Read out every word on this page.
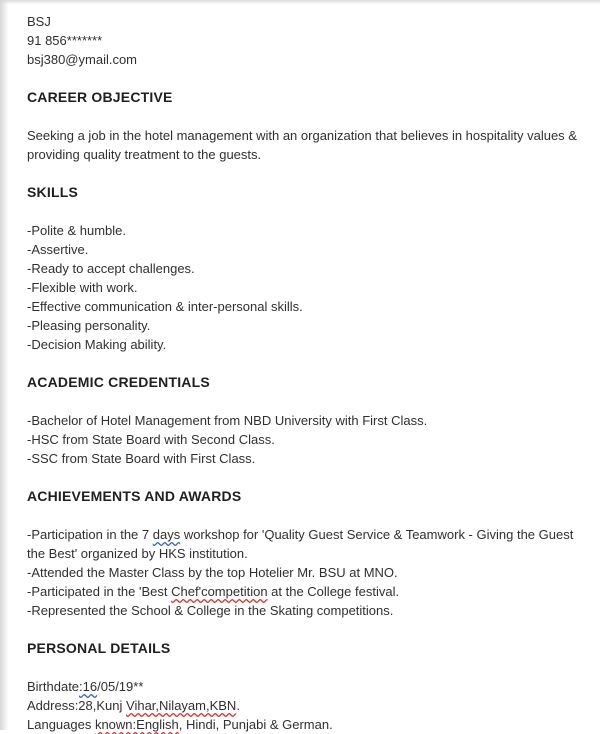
BSJ
91 856*******
bsj380@ymail.com
CAREER OBJECTIVE

Seeking a job in the hotel management with an organization that believes in hospitality values & providing quality treatment to the guests.

SKILLS
-Polite & humble.
-Assertive.
-Ready to accept challenges.
-Flexible with work.
-Effective communication & inter-personal skills.
-Pleasing personality.
-Decision Making ability.
ACADEMIC CREDENTIALS
-Bachelor of Hotel Management from NBD University with First Class.
-HSC from State Board with Second Class.
-SSC from State Board with First Class.
ACHIEVEMENTS AND AWARDS
-Participation in the 7 days workshop for 'Quality Guest Service & Teamwork - Giving the Guest the Best' organized by HKS institution.
-Attended the Master Class by the top Hotelier Mr. BSU at MNO.
-Participated in the 'Best Chef'competition at the College festival.
-Represented the School & College in the Skating competitions.
PERSONAL DETAILS
Birthdate:16/05/19**
Address:28,Kunj Vihar,Nilayam,KBN.
Languages known:English, Hindi, Punjabi & German.
